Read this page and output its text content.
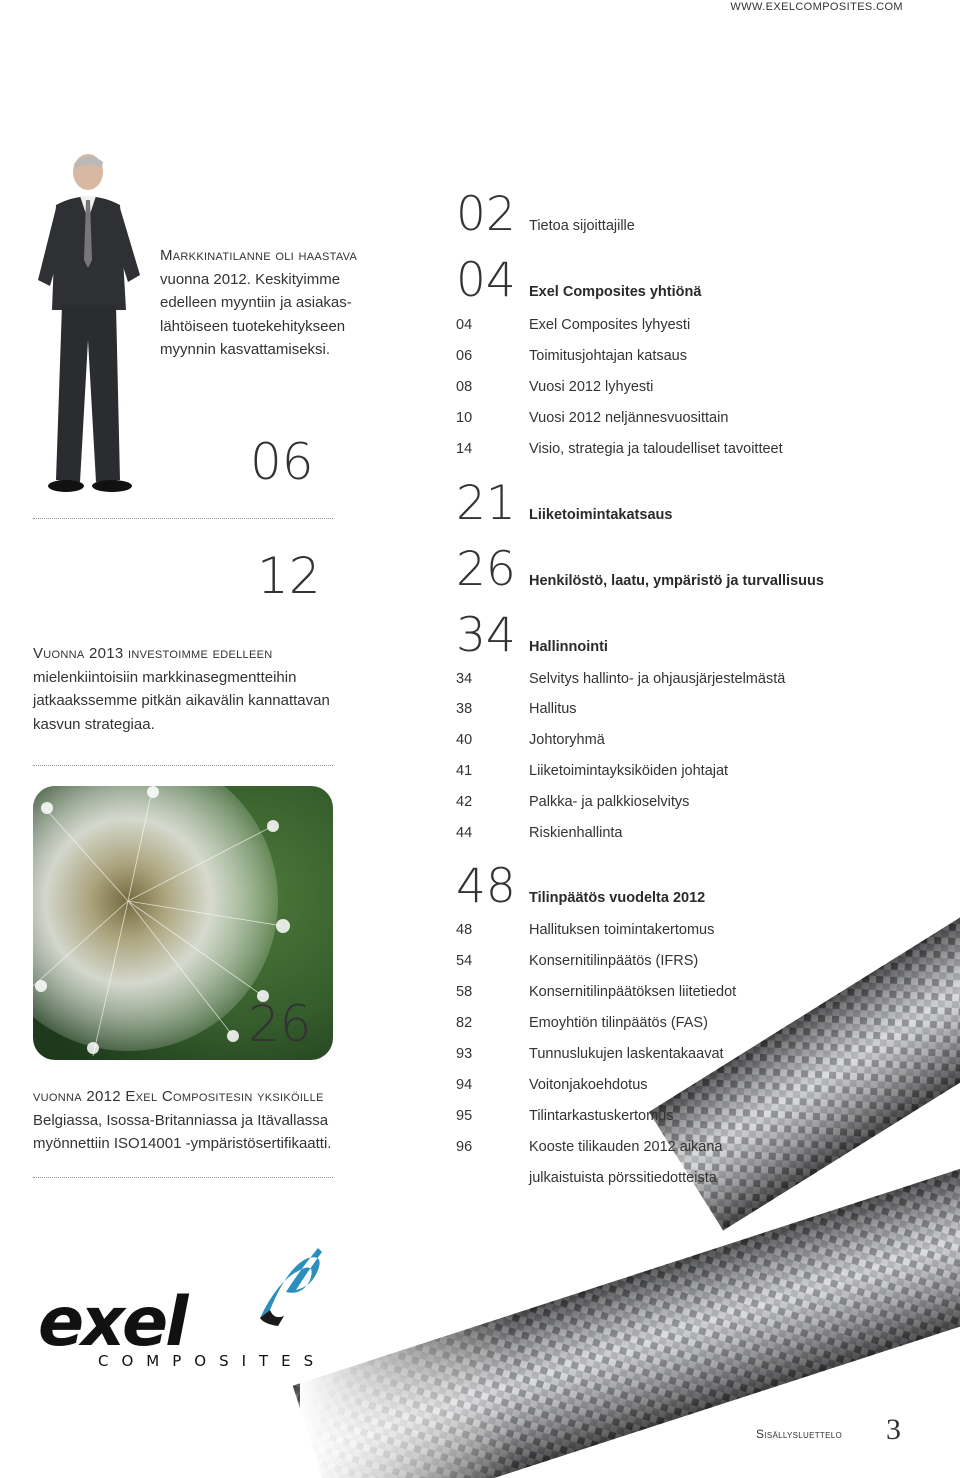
WWW.EXELCOMPOSITES.COM
Markkinatilanne oli haastava vuonna 2012. Keskityimme edelleen myyntiin ja asiakas-lähtöiseen tuotekehitykseen myynnin kasvattamiseksi.
06
12
Vuonna 2013 investoimme edelleen
mielenkiintoisiin markkinasegmentteihin jatkaakssemme pitkän aikavälin kannattavan kasvun strategiaa.
26
vuonna 2012 Exel Compositesin yksiköille Belgiassa, Isossa-Britanniassa ja Itävallassa myönnettiin ISO14001 -ympäristösertifikaatti.
02 Tietoa sijoittajille
04 Exel Composites yhtiönä
04	Exel Composites lyhyesti
06	Toimitusjohtajan katsaus
08	Vuosi 2012 lyhyesti
10	Vuosi 2012 neljännesvuosittain
14	Visio, strategia ja taloudelliset tavoitteet
21 Liiketoimintakatsaus
26 Henkilöstö, laatu, ympäristö ja turvallisuus
34 Hallinnointi
34	Selvitys hallinto- ja ohjausjärjestelmästä
38	Hallitus
40	Johtoryhmä
41	Liiketoimintayksiköiden johtajat
42	Palkka- ja palkkioselvitys
44	Riskienhallinta
48 Tilinpäätös vuodelta 2012
48	Hallituksen toimintakertomus
54	Konsernitilinpäätös (IFRS)
58	Konsernitilinpäätöksen liitetiedot
82	Emoyhtiön tilinpäätös (FAS)
93	Tunnuslukujen laskentakaavat
94	Voitonjakoehdotus
95	Tilintarkastuskertomus
96	Kooste tilikauden 2012 aikana
julkaistuista pörssitiedotteista
exel
COMPOSITES
Sisällysluettelo 3
